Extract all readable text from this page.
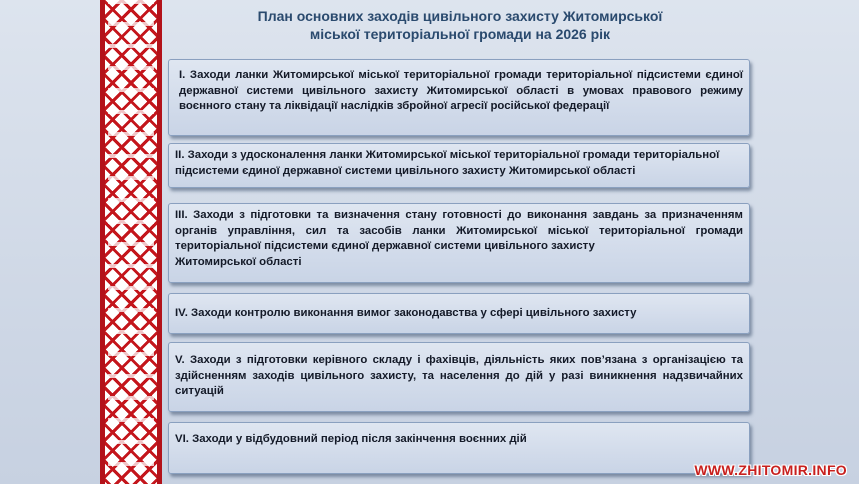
План основних заходів цивільного захисту Житомирської
міської територіальної громади на 2026 рік
І. Заходи ланки Житомирської міської територіальної громади територіальної підсистеми єдиної державної системи цивільного захисту Житомирської області в умовах правового режиму воєнного стану та ліквідації наслідків збройної агресії російської федерації
ІІ. Заходи з удосконалення ланки Житомирської міської територіальної громади територіальної підсистеми єдиної державної системи цивільного захисту Житомирської області
ІІІ. Заходи з підготовки та визначення стану готовності до виконання завдань за призначенням органів управління, сил та засобів ланки Житомирської міської територіальної громади територіальної підсистеми єдиної державної системи цивільного захисту
Житомирської області
ІV. Заходи контролю виконання вимог законодавства у сфері цивільного захисту
V. Заходи з підготовки керівного складу і фахівців, діяльність яких пов’язана з організацією та здійсненням заходів цивільного захисту, та населення до дій у разі виникнення надзвичайних ситуацій
VІ. Заходи у відбудовний період після закінчення воєнних дій
WWW.ZHITOMIR.INFO
